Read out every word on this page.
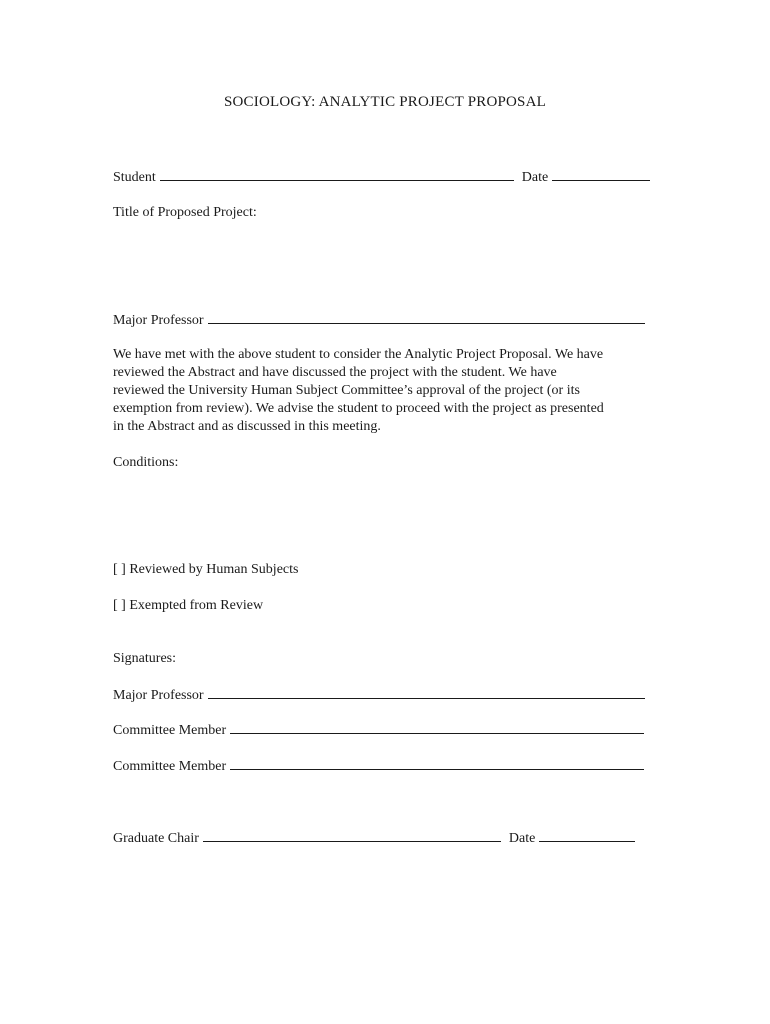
SOCIOLOGY: ANALYTIC PROJECT PROPOSAL
Student	Date
Title of Proposed Project:
Major Professor
We have met with the above student to consider the Analytic Project Proposal. We have
reviewed the Abstract and have discussed the project with the student. We have
reviewed the University Human Subject Committee’s approval of the project (or its
exemption from review). We advise the student to proceed with the project as presented
in the Abstract and as discussed in this meeting.
Conditions:
[ ] Reviewed by Human Subjects
[ ] Exempted from Review
Signatures:
Major Professor
Committee Member
Committee Member
Graduate Chair	Date
